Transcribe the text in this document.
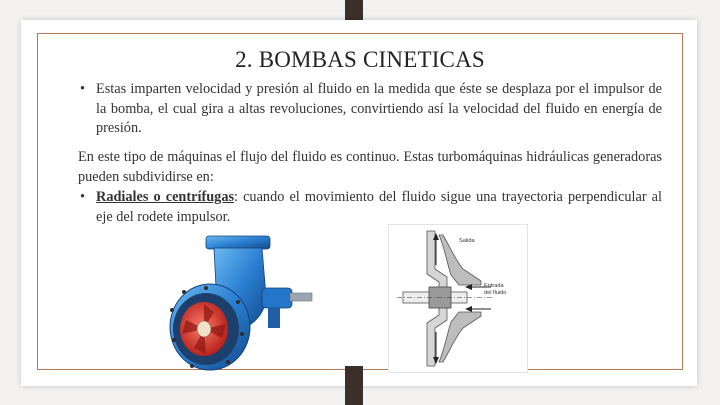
2. BOMBAS CINETICAS
• Estas imparten velocidad y presión al fluido en la medida que éste se desplaza por el impulsor de la bomba, el cual gira a altas revoluciones, convirtiendo así la velocidad del fluido en energía de presión.
En este tipo de máquinas el flujo del fluido es continuo. Estas turbomáquinas hidráulicas generadoras pueden subdividirse en:
• Radiales o centrífugas: cuando el movimiento del fluido sigue una trayectoria perpendicular al eje del rodete impulsor.
Salida
Entrada
del fluido
